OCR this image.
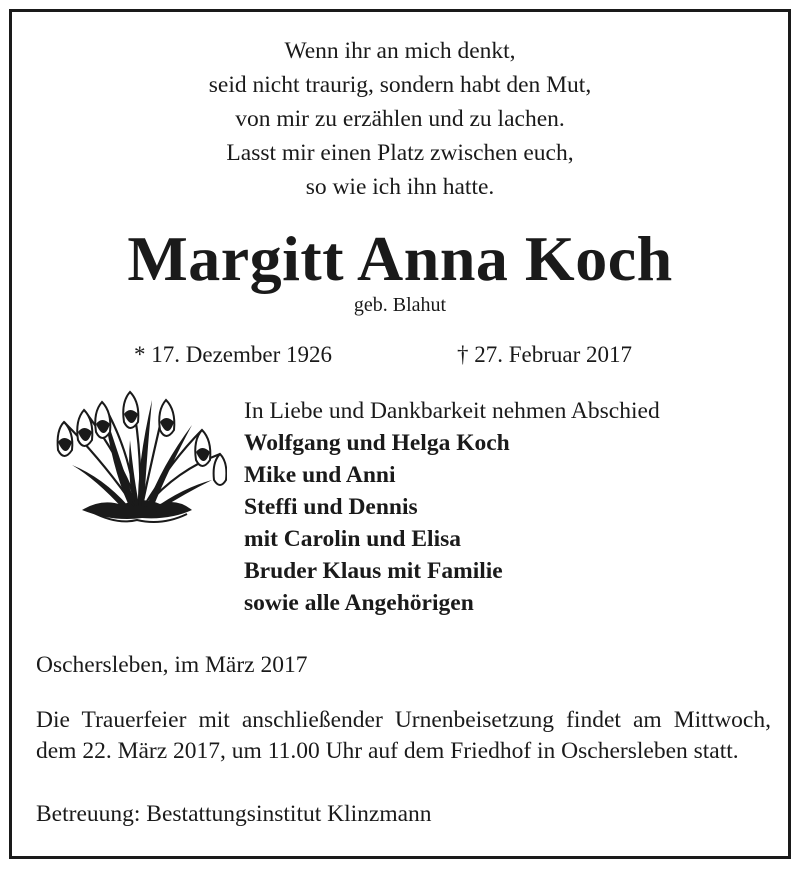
Wenn ihr an mich denkt,
seid nicht traurig, sondern habt den Mut,
von mir zu erzählen und zu lachen.
Lasst mir einen Platz zwischen euch,
so wie ich ihn hatte.
Margitt Anna Koch
geb. Blahut
* 17. Dezember 1926	† 27. Februar 2017
In Liebe und Dankbarkeit nehmen Abschied
Wolfgang und Helga Koch
Mike und Anni
Steffi und Dennis
mit Carolin und Elisa
Bruder Klaus mit Familie
sowie alle Angehörigen
Oschersleben, im März 2017
Die Trauerfeier mit anschließender Urnenbeisetzung findet am Mittwoch, dem 22. März 2017, um 11.00 Uhr auf dem Friedhof in Oschersleben statt.
Betreuung: Bestattungsinstitut Klinzmann
